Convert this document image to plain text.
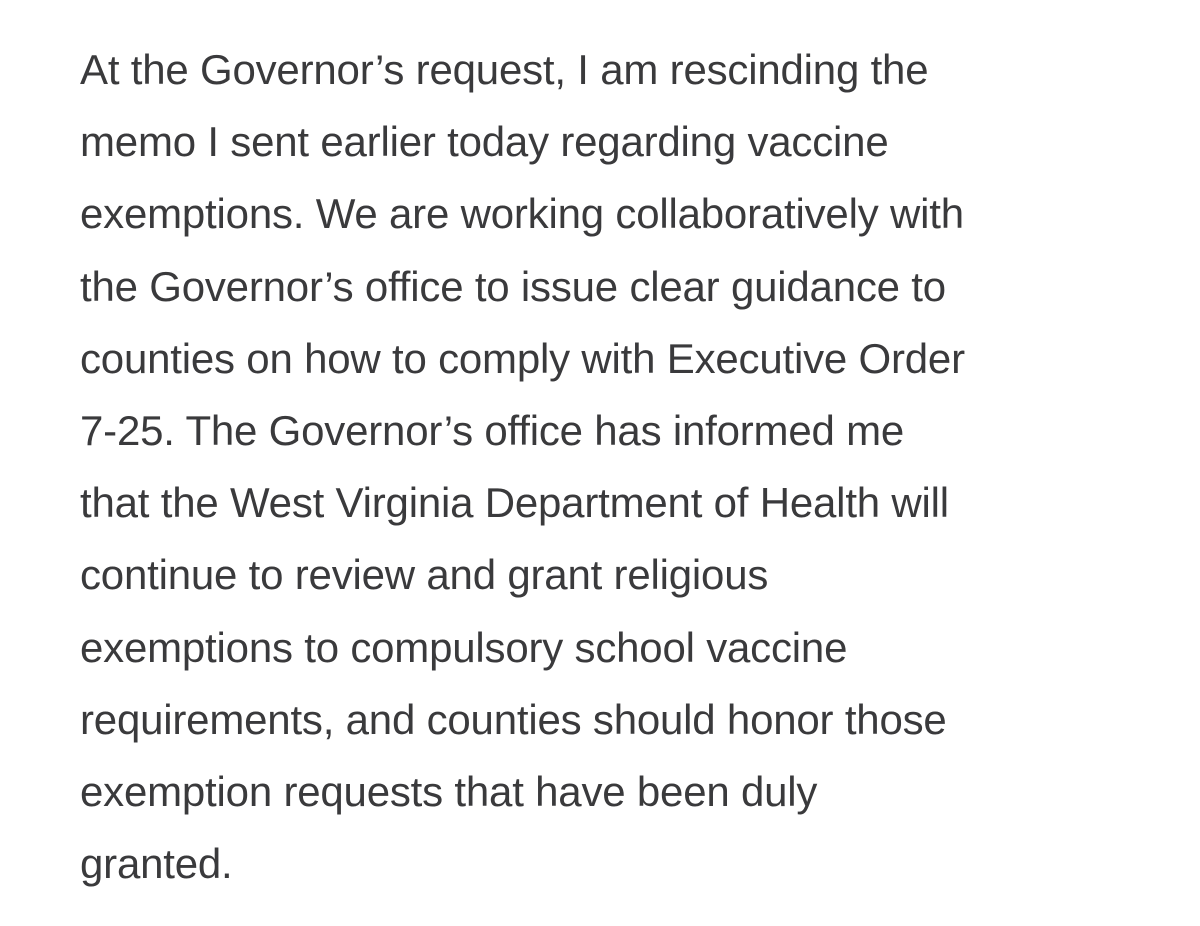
At the Governor’s request, I am rescinding the
memo I sent earlier today regarding vaccine
exemptions. We are working collaboratively with
the Governor’s office to issue clear guidance to
counties on how to comply with Executive Order
7-25. The Governor’s office has informed me
that the West Virginia Department of Health will
continue to review and grant religious
exemptions to compulsory school vaccine
requirements, and counties should honor those
exemption requests that have been duly
granted.
